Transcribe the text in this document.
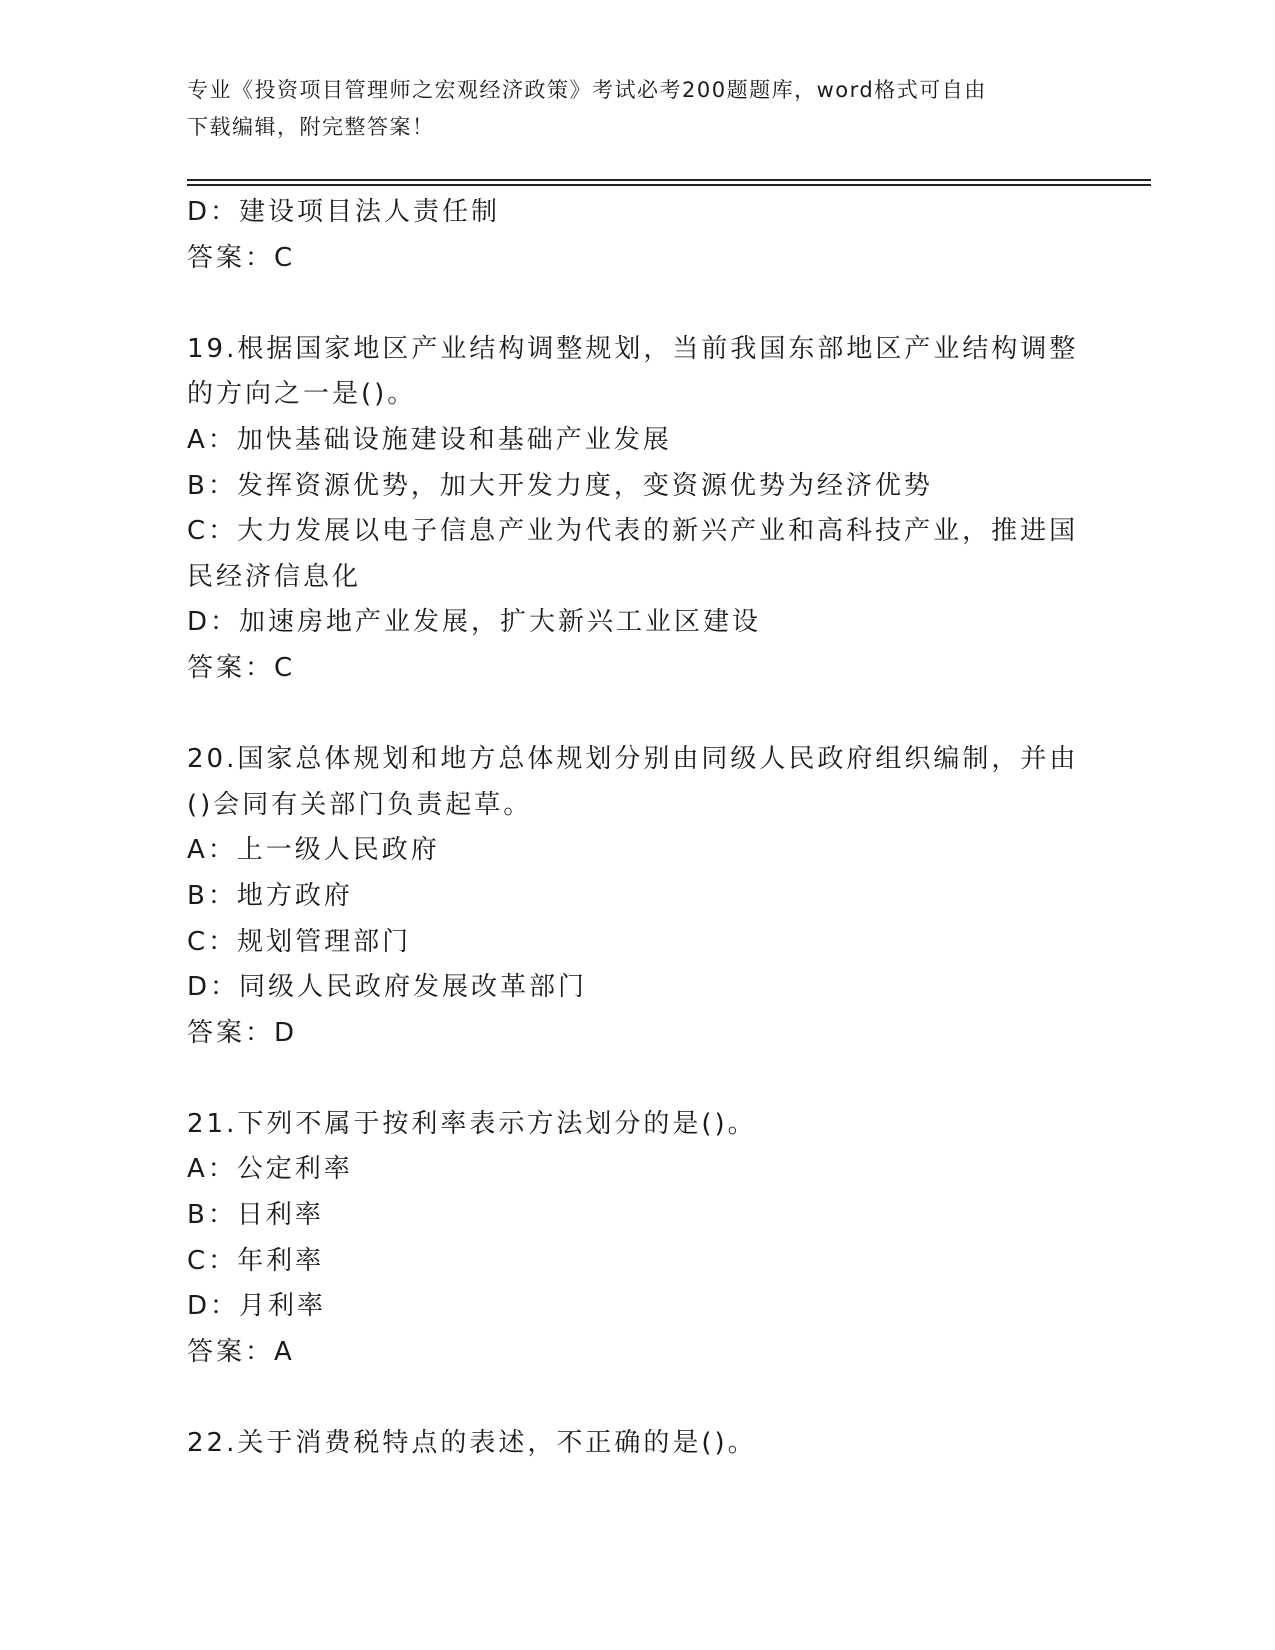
专业《投资项目管理师之宏观经济政策》考试必考200题题库，word格式可自由
下载编辑，附完整答案！
D：建设项目法人责任制
答案：C
19.根据国家地区产业结构调整规划，当前我国东部地区产业结构调整
的方向之一是()。
A：加快基础设施建设和基础产业发展
B：发挥资源优势，加大开发力度，变资源优势为经济优势
C：大力发展以电子信息产业为代表的新兴产业和高科技产业，推进国
民经济信息化
D：加速房地产业发展，扩大新兴工业区建设
答案：C
20.国家总体规划和地方总体规划分别由同级人民政府组织编制，并由
()会同有关部门负责起草。
A：上一级人民政府
B：地方政府
C：规划管理部门
D：同级人民政府发展改革部门
答案：D
21.下列不属于按利率表示方法划分的是()。
A：公定利率
B：日利率
C：年利率
D：月利率
答案：A
22.关于消费税特点的表述，不正确的是()。
